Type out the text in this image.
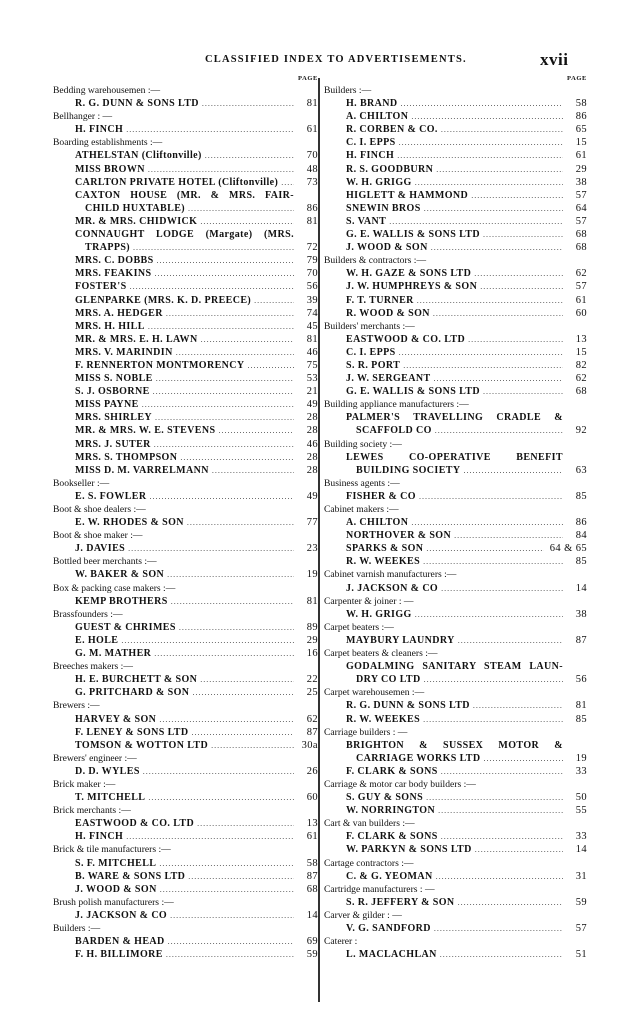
CLASSIFIED INDEX TO ADVERTISEMENTS.	xvii
PAGE
Bedding warehousemen :—
R. G. DUNN & SONS LTD .....	81
Bellhanger : —
H. FINCH .....	61
Boarding establishments :—
ATHELSTAN (Cliftonville) .....	70
MISS BROWN .....	48
CARLTON PRIVATE HOTEL (Cliftonville) .....	73
CAXTON HOUSE (MR. & MRS. FAIR-
CHILD HUXTABLE) .....	86
MR. & MRS. CHIDWICK .....	81
CONNAUGHT LODGE (Margate) (MRS.
TRAPPS) .....	72
MRS. C. DOBBS .....	79
MRS. FEAKINS .....	70
FOSTER'S .....	56
GLENPARKE (MRS. K. D. PREECE) .....	39
MRS. A. HEDGER .....	74
MRS. H. HILL .....	45
MR. & MRS. E. H. LAWN .....	81
MRS. V. MARINDIN .....	46
F. RENNERTON MONTMORENCY .....	75
MISS S. NOBLE .....	53
S. J. OSBORNE .....	21
MISS PAYNE .....	49
MRS. SHIRLEY .....	28
MR. & MRS. W. E. STEVENS .....	28
MRS. J. SUTER .....	46
MRS. S. THOMPSON .....	28
MISS D. M. VARRELMANN .....	28
Bookseller :—
E. S. FOWLER .....	49
Boot & shoe dealers :—
E. W. RHODES & SON .....	77
Boot & shoe maker :—
J. DAVIES .....	23
Bottled beer merchants :—
W. BAKER & SON .....	19
Box & packing case makers :—
KEMP BROTHERS .....	81
Brassfounders :—
GUEST & CHRIMES .....	89
E. HOLE .....	29
G. M. MATHER .....	16
Breeches makers :—
H. E. BURCHETT & SON .....	22
G. PRITCHARD & SON .....	25
Brewers :—
HARVEY & SON .....	62
F. LENEY & SONS LTD .....	87
TOMSON & WOTTON LTD .....	30a
Brewers' engineer :—
D. D. WYLES .....	26
Brick maker :—
T. MITCHELL .....	60
Brick merchants :—
EASTWOOD & CO. LTD .....	13
H. FINCH .....	61
Brick & tile manufacturers :—
S. F. MITCHELL .....	58
B. WARE & SONS LTD .....	87
J. WOOD & SON .....	68
Brush polish manufacturers :—
J. JACKSON & CO .....	14
Builders :—
BARDEN & HEAD .....	69
F. H. BILLIMORE .....	59
PAGE
Builders :—
H. BRAND .....	58
A. CHILTON .....	86
R. CORBEN & CO. .....	65
C. I. EPPS .....	15
H. FINCH .....	61
R. S. GOODBURN .....	29
W. H. GRIGG .....	38
HIGLETT & HAMMOND .....	57
SNEWIN BROS .....	64
S. VANT .....	57
G. E. WALLIS & SONS LTD .....	68
J. WOOD & SON .....	68
Builders & contractors :—
W. H. GAZE & SONS LTD .....	62
J. W. HUMPHREYS & SON .....	57
F. T. TURNER .....	61
R. WOOD & SON .....	60
Builders' merchants :—
EASTWOOD & CO. LTD .....	13
C. I. EPPS .....	15
S. R. PORT .....	82
J. W. SERGEANT .....	62
G. E. WALLIS & SONS LTD .....	68
Building appliance manufacturers :—
PALMER'S TRAVELLING CRADLE &
SCAFFOLD CO .....	92
Building society :—
LEWES CO-OPERATIVE BENEFIT
BUILDING SOCIETY .....	63
Business agents :—
FISHER & CO .....	85
Cabinet makers :—
A. CHILTON .....	86
NORTHOVER & SON .....	84
SPARKS & SON .....	64 & 65
R. W. WEEKES .....	85
Cabinet varnish manufacturers :—
J. JACKSON & CO .....	14
Carpenter & joiner : —
W. H. GRIGG .....	38
Carpet beaters :—
MAYBURY LAUNDRY .....	87
Carpet beaters & cleaners :—
GODALMING SANITARY STEAM LAUN-
DRY CO LTD .....	56
Carpet warehousemen :—
R. G. DUNN & SONS LTD .....	81
R. W. WEEKES .....	85
Carriage builders : —
BRIGHTON & SUSSEX MOTOR &
CARRIAGE WORKS LTD .....	19
F. CLARK & SONS .....	33
Carriage & motor car body builders :—
S. GUY & SONS .....	50
W. NORRINGTON .....	55
Cart & van builders :—
F. CLARK & SONS .....	33
W. PARKYN & SONS LTD .....	14
Cartage contractors :—
C. & G. YEOMAN .....	31
Cartridge manufacturers : —
S. R. JEFFERY & SON .....	59
Carver & gilder : —
V. G. SANDFORD .....	57
Caterer :
L. MACLACHLAN .....	51
